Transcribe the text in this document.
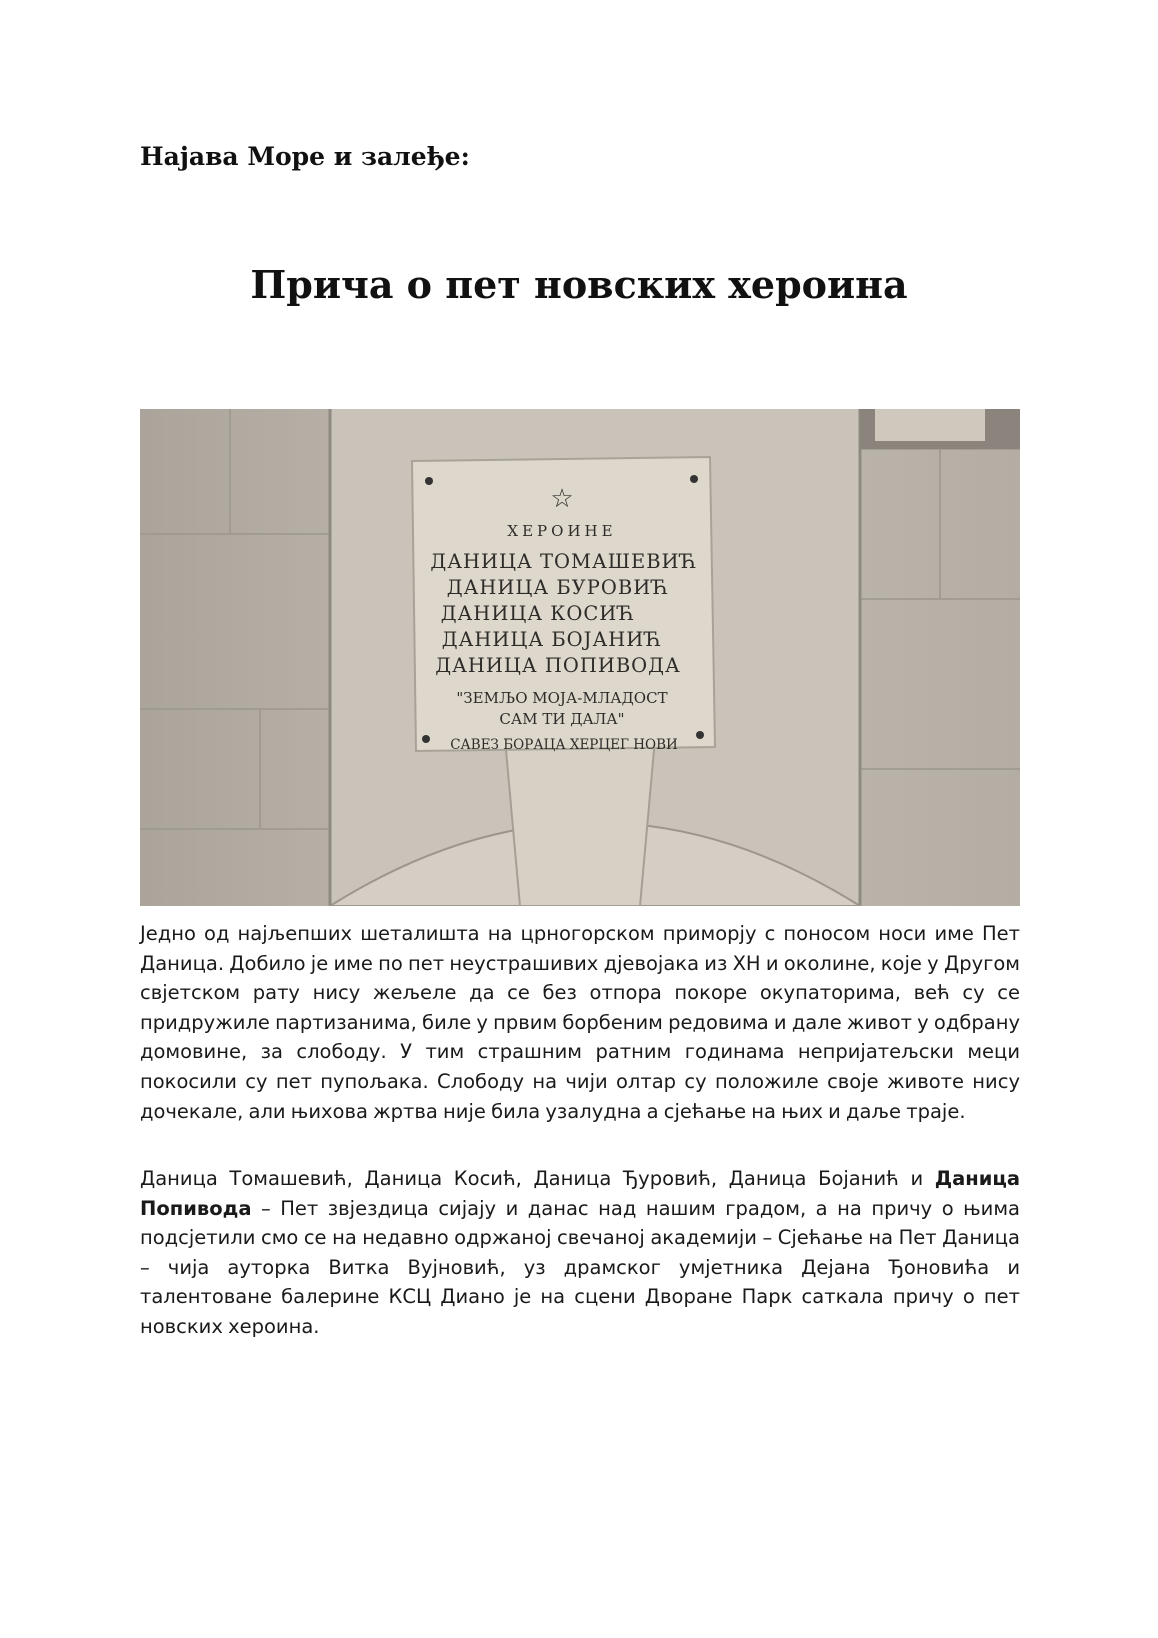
Најава Море и залеђе:
Прича о пет новских хероина
☆
ХЕРОИНЕ
ДАНИЦА ТОМАШЕВИЋ
ДАНИЦА БУРОВИЋ
ДАНИЦА КОСИЋ
ДАНИЦА БОЈАНИЋ
ДАНИЦА ПОПИВОДА
"ЗЕМЉО МОЈА-МЛАДОСТ
САМ ТИ ДАЛА"
САВЕЗ БОРАЦА ХЕРЦЕГ НОВИ

Једно од најљепших шеталишта на црногорском приморју с поносом носи име Пет Даница. Добило је име по пет неустрашивих дјевојака из ХН и околине, које у Другом свјетском рату нису жељеле да се без отпора покоре окупаторима, већ су се придружиле партизанима, биле у првим борбеним редовима и дале живот у одбрану домовине, за слободу. У тим страшним ратним годинама непријатељски меци покосили су пет пупољака. Слободу на чији олтар су положиле своје животе нису дочекале, али њихова жртва није била узалудна а сјећање на њих и даље траје.

Даница Томашевић, Даница Косић, Даница Ђуровић, Даница Бојанић и Даница Попивода – Пет звјездица сијају и данас над нашим градом, а на причу о њима подсјетили смо се на недавно одржаној свечаној академији – Сјећање на Пет Даница – чија ауторка Витка Вујновић, уз драмског умјетника Дејана Ђоновића и талентоване балерине КСЦ Диано је на сцени Дворане Парк саткала причу о пет новских хероина.
